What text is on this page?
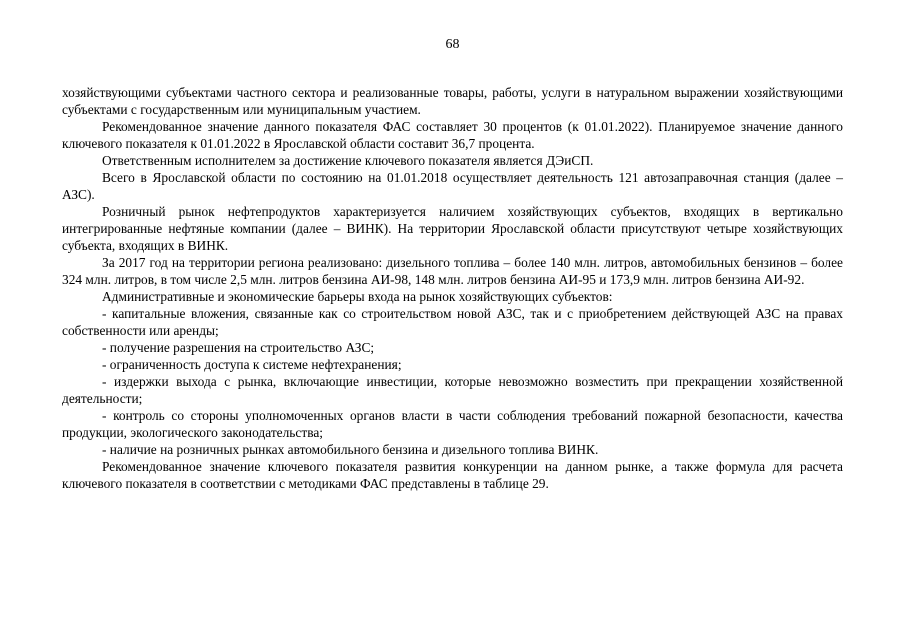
68

хозяйствующими субъектами частного сектора и реализованные товары, работы, услуги в натуральном выражении хозяйствующими субъектами с государственным или муниципальным участием.

Рекомендованное значение данного показателя ФАС составляет 30 процентов (к 01.01.2022). Планируемое значение данного ключевого показателя к 01.01.2022 в Ярославской области составит 36,7 процента.

Ответственным исполнителем за достижение ключевого показателя является ДЭиСП.

Всего в Ярославской области по состоянию на 01.01.2018 осуществляет деятельность 121 автозаправочная станция (далее – АЗС).

Розничный рынок нефтепродуктов характеризуется наличием хозяйствующих субъектов, входящих в вертикально интегрированные нефтяные компании (далее – ВИНК). На территории Ярославской области присутствуют четыре хозяйствующих субъекта, входящих в ВИНК.

За 2017 год на территории региона реализовано: дизельного топлива – более 140 млн. литров, автомобильных бензинов – более 324 млн. литров, в том числе 2,5 млн. литров бензина АИ-98, 148 млн. литров бензина АИ-95 и 173,9 млн. литров бензина АИ-92.

Административные и экономические барьеры входа на рынок хозяйствующих субъектов:

- капитальные вложения, связанные как со строительством новой АЗС, так и с приобретением действующей АЗС на правах собственности или аренды;

- получение разрешения на строительство АЗС;

- ограниченность доступа к системе нефтехранения;

- издержки выхода с рынка, включающие инвестиции, которые невозможно возместить при прекращении хозяйственной деятельности;

- контроль со стороны уполномоченных органов власти в части соблюдения требований пожарной безопасности, качества продукции, экологического законодательства;

- наличие на розничных рынках автомобильного бензина и дизельного топлива ВИНК.

Рекомендованное значение ключевого показателя развития конкуренции на данном рынке, а также формула для расчета ключевого показателя в соответствии с методиками ФАС представлены в таблице 29.
